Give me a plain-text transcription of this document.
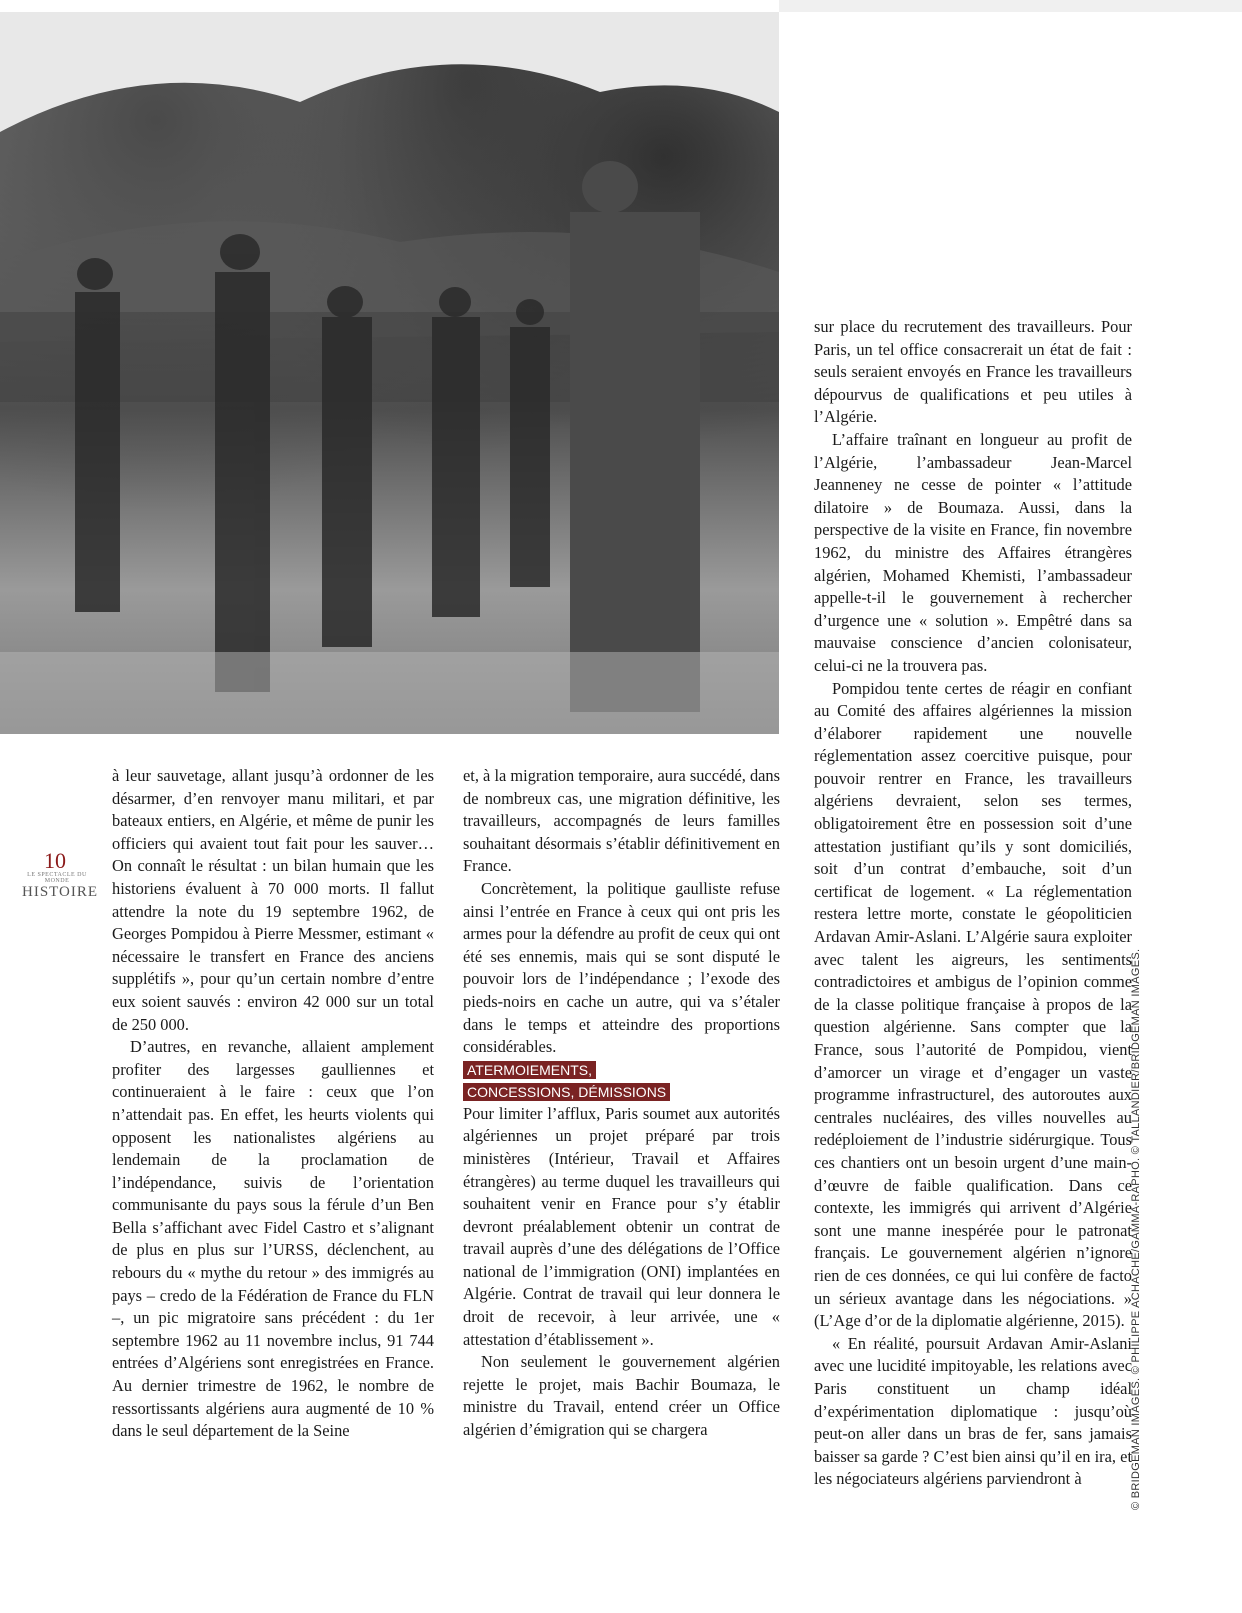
10
LE SPECTACLE DU MONDE
HISTOIRE

à leur sauvetage, allant jusqu’à ordonner de les désarmer, d’en renvoyer manu militari, et par bateaux entiers, en Algérie, et même de punir les officiers qui avaient tout fait pour les sauver… On connaît le résultat : un bilan humain que les historiens évaluent à 70 000 morts. Il fallut attendre la note du 19 septembre 1962, de Georges Pompidou à Pierre Messmer, estimant « nécessaire le transfert en France des anciens supplétifs », pour qu’un certain nombre d’entre eux soient sauvés : environ 42 000 sur un total de 250 000.

D’autres, en revanche, allaient amplement profiter des largesses gaulliennes et continueraient à le faire : ceux que l’on n’attendait pas. En effet, les heurts violents qui opposent les nationalistes algériens au lendemain de la proclamation de l’indépendance, suivis de l’orientation communisante du pays sous la férule d’un Ben Bella s’affichant avec Fidel Castro et s’alignant de plus en plus sur l’URSS, déclenchent, au rebours du « mythe du retour » des immigrés au pays – credo de la Fédération de France du FLN –, un pic migratoire sans précédent : du 1er septembre 1962 au 11 novembre inclus, 91 744 entrées d’Algériens sont enregistrées en France. Au dernier trimestre de 1962, le nombre de ressortissants algériens aura augmenté de 10 % dans le seul département de la Seine

et, à la migration temporaire, aura succédé, dans de nombreux cas, une migration définitive, les travailleurs, accompagnés de leurs familles souhaitant désormais s’établir définitivement en France.

Concrètement, la politique gaulliste refuse ainsi l’entrée en France à ceux qui ont pris les armes pour la défendre au profit de ceux qui ont été ses ennemis, mais qui se sont disputé le pouvoir lors de l’indépendance ; l’exode des pieds-noirs en cache un autre, qui va s’étaler dans le temps et atteindre des proportions considérables.

ATERMOIEMENTS,
CONCESSIONS, DÉMISSIONS

Pour limiter l’afflux, Paris soumet aux autorités algériennes un projet préparé par trois ministères (Intérieur, Travail et Affaires étrangères) au terme duquel les travailleurs qui souhaitent venir en France pour s’y établir devront préalablement obtenir un contrat de travail auprès d’une des délégations de l’Office national de l’immigration (ONI) implantées en Algérie. Contrat de travail qui leur donnera le droit de recevoir, à leur arrivée, une « attestation d’établissement ».

Non seulement le gouvernement algérien rejette le projet, mais Bachir Boumaza, le ministre du Travail, entend créer un Office algérien d’émigration qui se chargera

sur place du recrutement des travailleurs. Pour Paris, un tel office consacrerait un état de fait : seuls seraient envoyés en France les travailleurs dépourvus de qualifications et peu utiles à l’Algérie.

L’affaire traînant en longueur au profit de l’Algérie, l’ambassadeur Jean-Marcel Jeanneney ne cesse de pointer « l’attitude dilatoire » de Boumaza. Aussi, dans la perspective de la visite en France, fin novembre 1962, du ministre des Affaires étrangères algérien, Mohamed Khemisti, l’ambassadeur appelle-t-il le gouvernement à rechercher d’urgence une « solution ». Empêtré dans sa mauvaise conscience d’ancien colonisateur, celui-ci ne la trouvera pas.

Pompidou tente certes de réagir en confiant au Comité des affaires algériennes la mission d’élaborer rapidement une nouvelle réglementation assez coercitive puisque, pour pouvoir rentrer en France, les travailleurs algériens devraient, selon ses termes, obligatoirement être en possession soit d’une attestation justifiant qu’ils y sont domiciliés, soit d’un contrat d’embauche, soit d’un certificat de logement. « La réglementation restera lettre morte, constate le géopoliticien Ardavan Amir-Aslani. L’Algérie saura exploiter avec talent les aigreurs, les sentiments contradictoires et ambigus de l’opinion comme de la classe politique française à propos de la question algérienne. Sans compter que la France, sous l’autorité de Pompidou, vient d’amorcer un virage et d’engager un vaste programme infrastructurel, des autoroutes aux centrales nucléaires, des villes nouvelles au redéploiement de l’industrie sidérurgique. Tous ces chantiers ont un besoin urgent d’une main-d’œuvre de faible qualification. Dans ce contexte, les immigrés qui arrivent d’Algérie sont une manne inespérée pour le patronat français. Le gouvernement algérien n’ignore rien de ces données, ce qui lui confère de facto un sérieux avantage dans les négociations. » (L’Age d’or de la diplomatie algérienne, 2015).

« En réalité, poursuit Ardavan Amir-Aslani avec une lucidité impitoyable, les relations avec Paris constituent un champ idéal d’expérimentation diplomatique : jusqu’où peut-on aller dans un bras de fer, sans jamais baisser sa garde ? C’est bien ainsi qu’il en ira, et les négociateurs algériens parviendront à	© BRIDGEMAN IMAGES. © PHILIPPE ACHACHE/GAMMA-RAPHO. © TALLANDIER/BRIDGEMAN IMAGES.
